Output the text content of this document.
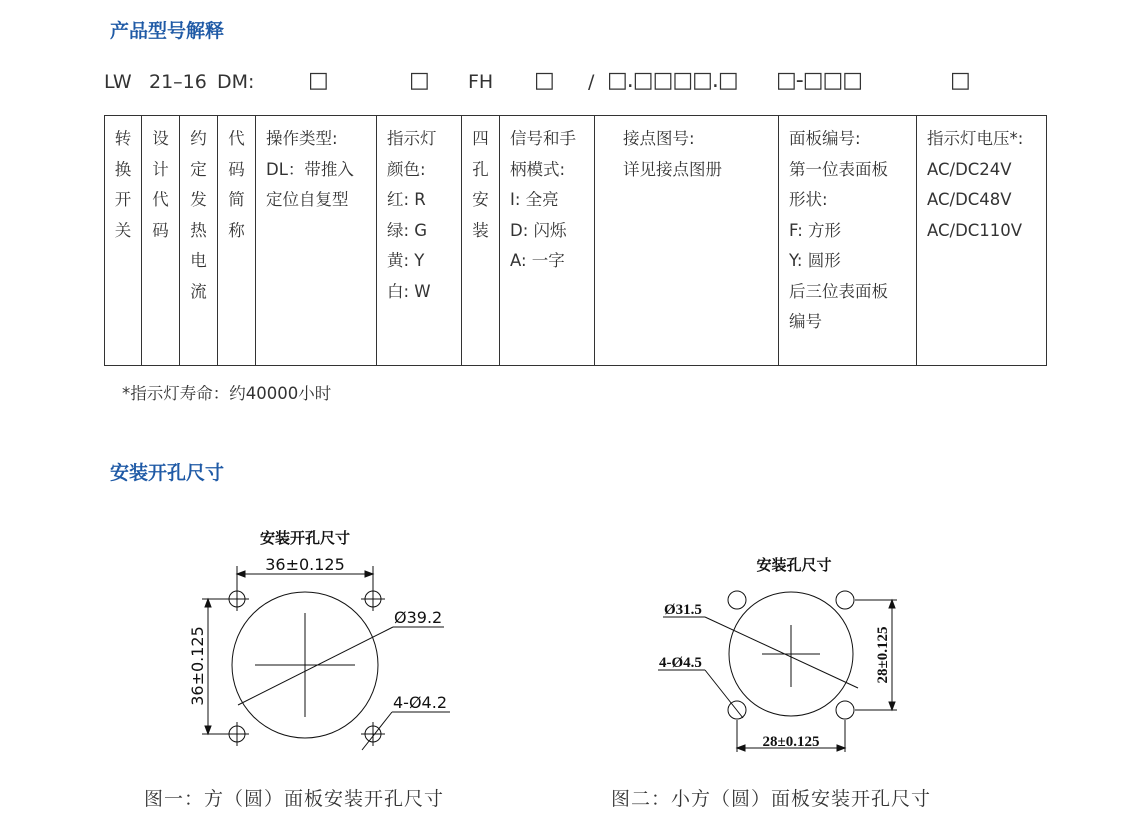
产品型号解释
LW 21–16 DM: □	□ FH □ / □.□□□□.□ □-□□□	□
转
换
开
关	设
计
代
码	约
定
发
热
电
流	代
码
简
称	操作类型:
DL：带推入
定位自复型	指示灯
颜色:
红: R
绿: G
黄: Y
白: W	四
孔
安
装	信号和手
柄模式:
I: 全亮
D: 闪烁
A: 一字	接点图号:
详见接点图册	面板编号:
第一位表面板
形状:
F: 方形
Y: 圆形
后三位表面板
编号	指示灯电压*:
AC/DC24V
AC/DC48V
AC/DC110V
*指示灯寿命：约40000小时
安装开孔尺寸
安装开孔尺寸
36±0.125
36±0.125
Ø39.2
4-Ø4.2
安装孔尺寸
Ø31.5
4-Ø4.5
28±0.125
28±0.125
图一：方（圆）面板安装开孔尺寸	图二：小方（圆）面板安装开孔尺寸
